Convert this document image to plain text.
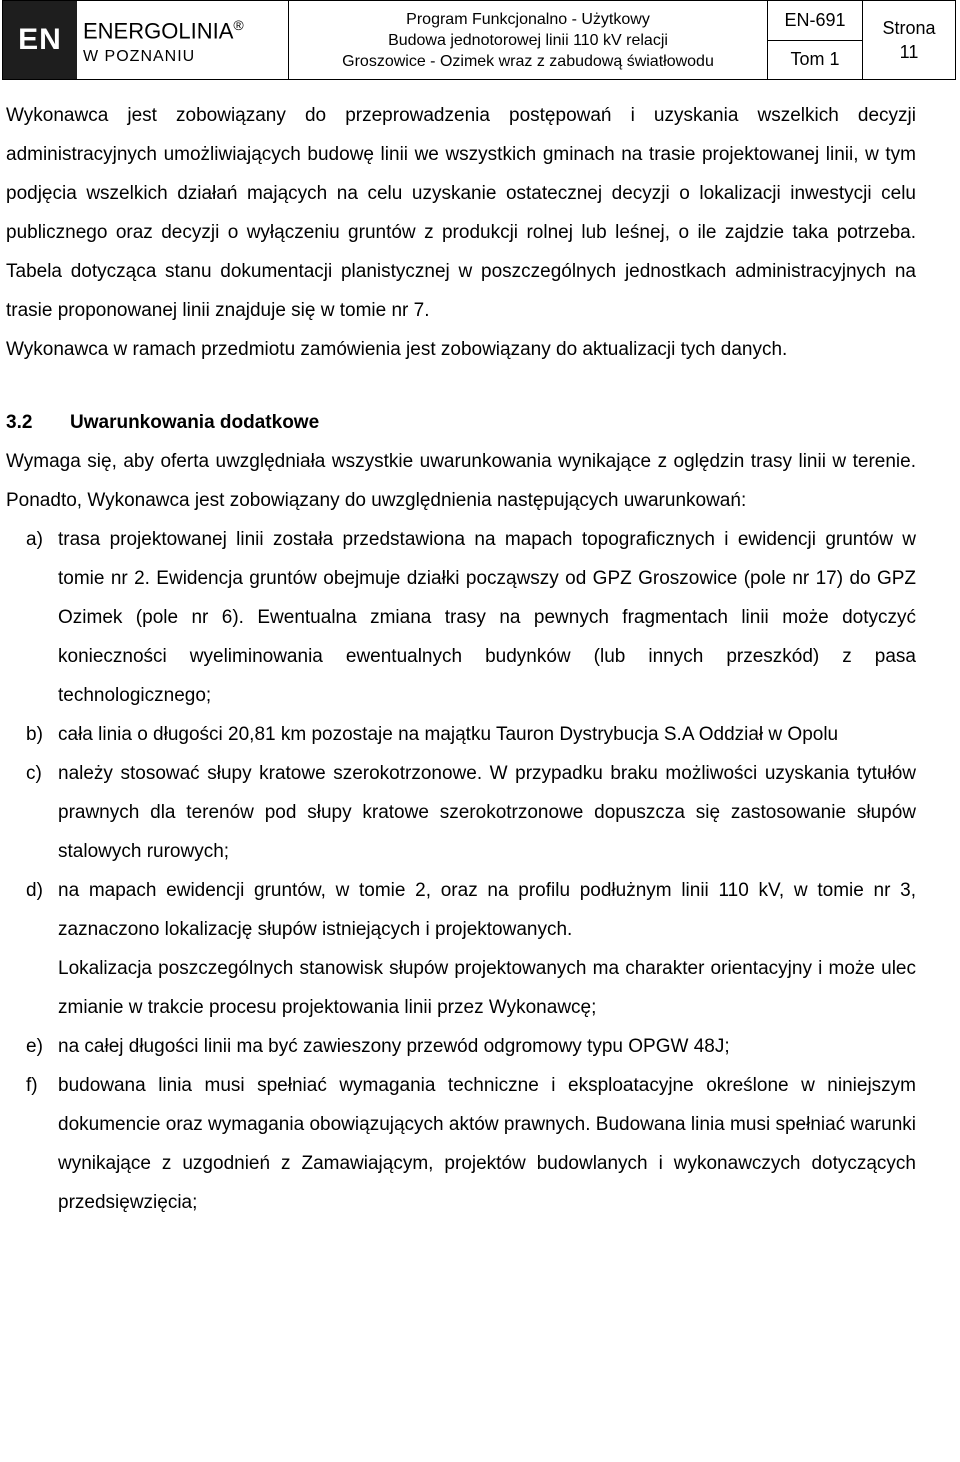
EN ENERGOLINIA®
W POZNANIU
Program Funkcjonalno - Użytkowy
Budowa jednotorowej linii 110 kV relacji
Groszowice - Ozimek wraz z zabudową światłowodu
EN-691
Tom 1
Strona
11

Wykonawca jest zobowiązany do przeprowadzenia postępowań i uzyskania wszelkich decyzji administracyjnych umożliwiających budowę linii we wszystkich gminach na trasie projektowanej linii, w tym podjęcia wszelkich działań mających na celu uzyskanie ostatecznej decyzji o lokalizacji inwestycji celu publicznego oraz decyzji o wyłączeniu gruntów z produkcji rolnej lub leśnej, o ile zajdzie taka potrzeba. Tabela dotycząca stanu dokumentacji planistycznej w poszczególnych jednostkach administracyjnych na trasie proponowanej linii znajduje się w tomie nr 7.

Wykonawca w ramach przedmiotu zamówienia jest zobowiązany do aktualizacji tych danych.

3.2	Uwarunkowania dodatkowe

Wymaga się, aby oferta uwzględniała wszystkie uwarunkowania wynikające z oględzin trasy linii w terenie. Ponadto, Wykonawca jest zobowiązany do uwzględnienia następujących uwarunkowań:

a) trasa projektowanej linii została przedstawiona na mapach topograficznych i ewidencji gruntów w tomie nr 2. Ewidencja gruntów obejmuje działki począwszy od GPZ Groszowice (pole nr 17) do GPZ Ozimek (pole nr 6). Ewentualna zmiana trasy na pewnych fragmentach linii może dotyczyć konieczności wyeliminowania ewentualnych budynków (lub innych przeszkód) z pasa technologicznego;

b) cała linia o długości 20,81 km pozostaje na majątku Tauron Dystrybucja S.A Oddział w Opolu

c) należy stosować słupy kratowe szerokotrzonowe. W przypadku braku możliwości uzyskania tytułów prawnych dla terenów pod słupy kratowe szerokotrzonowe dopuszcza się zastosowanie słupów stalowych rurowych;

d) na mapach ewidencji gruntów, w tomie 2, oraz na profilu podłużnym linii 110 kV, w tomie nr 3, zaznaczono lokalizację słupów istniejących i projektowanych.

Lokalizacja poszczególnych stanowisk słupów projektowanych ma charakter orientacyjny i może ulec zmianie w trakcie procesu projektowania linii przez Wykonawcę;

e) na całej długości linii ma być zawieszony przewód odgromowy typu OPGW 48J;

f)	budowana linia musi spełniać wymagania techniczne i eksploatacyjne określone w niniejszym dokumencie oraz wymagania obowiązujących aktów prawnych. Budowana linia musi spełniać warunki wynikające z uzgodnień z Zamawiającym, projektów budowlanych i wykonawczych dotyczących przedsięwzięcia;
